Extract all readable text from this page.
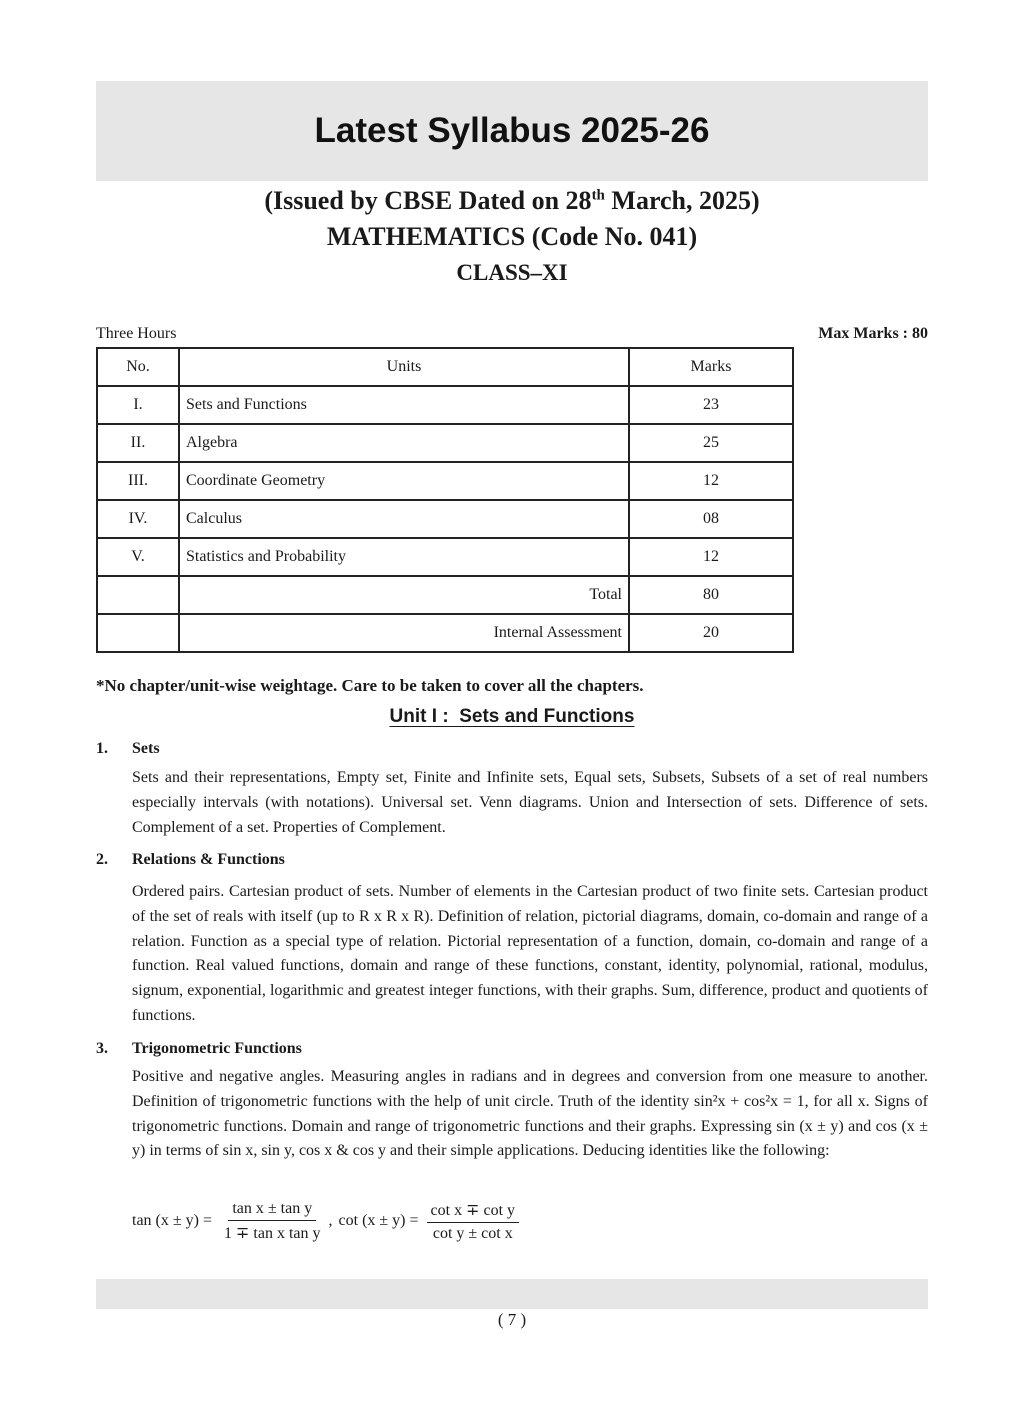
Latest Syllabus 2025-26
(Issued by CBSE Dated on 28th March, 2025)
MATHEMATICS (Code No. 041)
CLASS–XI
Three Hours	Max Marks : 80
No.	Units	Marks
I.	Sets and Functions	23
II.	Algebra	25
III.	Coordinate Geometry	12
IV.	Calculus	08
V.	Statistics and Probability	12
	Total	80
	Internal Assessment	20
*No chapter/unit-wise weightage. Care to be taken to cover all the chapters.
Unit I :  Sets and Functions
1. Sets

Sets and their representations, Empty set, Finite and Infinite sets, Equal sets, Subsets, Subsets of a set of real numbers especially intervals (with notations). Universal set. Venn diagrams. Union and Intersection of sets. Difference of sets. Complement of a set. Properties of Complement.

2. Relations & Functions

Ordered pairs. Cartesian product of sets. Number of elements in the Cartesian product of two finite sets. Cartesian product of the set of reals with itself (up to R x R x R). Definition of relation, pictorial diagrams, domain, co-domain and range of a relation. Function as a special type of relation. Pictorial representation of a function, domain, co-domain and range of a function. Real valued functions, domain and range of these functions, constant, identity, polynomial, rational, modulus, signum, exponential, logarithmic and greatest integer functions, with their graphs. Sum, difference, product and quotients of functions.

3. Trigonometric Functions

Positive and negative angles. Measuring angles in radians and in degrees and conversion from one measure to another. Definition of trigonometric functions with the help of unit circle. Truth of the identity sin²x + cos²x = 1, for all x. Signs of trigonometric functions. Domain and range of trigonometric functions and their graphs. Expressing sin (x ± y) and cos (x ± y) in terms of sin x, sin y, cos x & cos y and their simple applications. Deducing identities like the following:

$\tan (x \pm y) = \frac{\text{tan x ± tan y}}{\text{1 ∓ tan x tan y}}$ , $\cot (x \pm y) = \frac{\text{cot x ∓ cot y}}{\text{cot y ± cot x}}$
( 7 )
